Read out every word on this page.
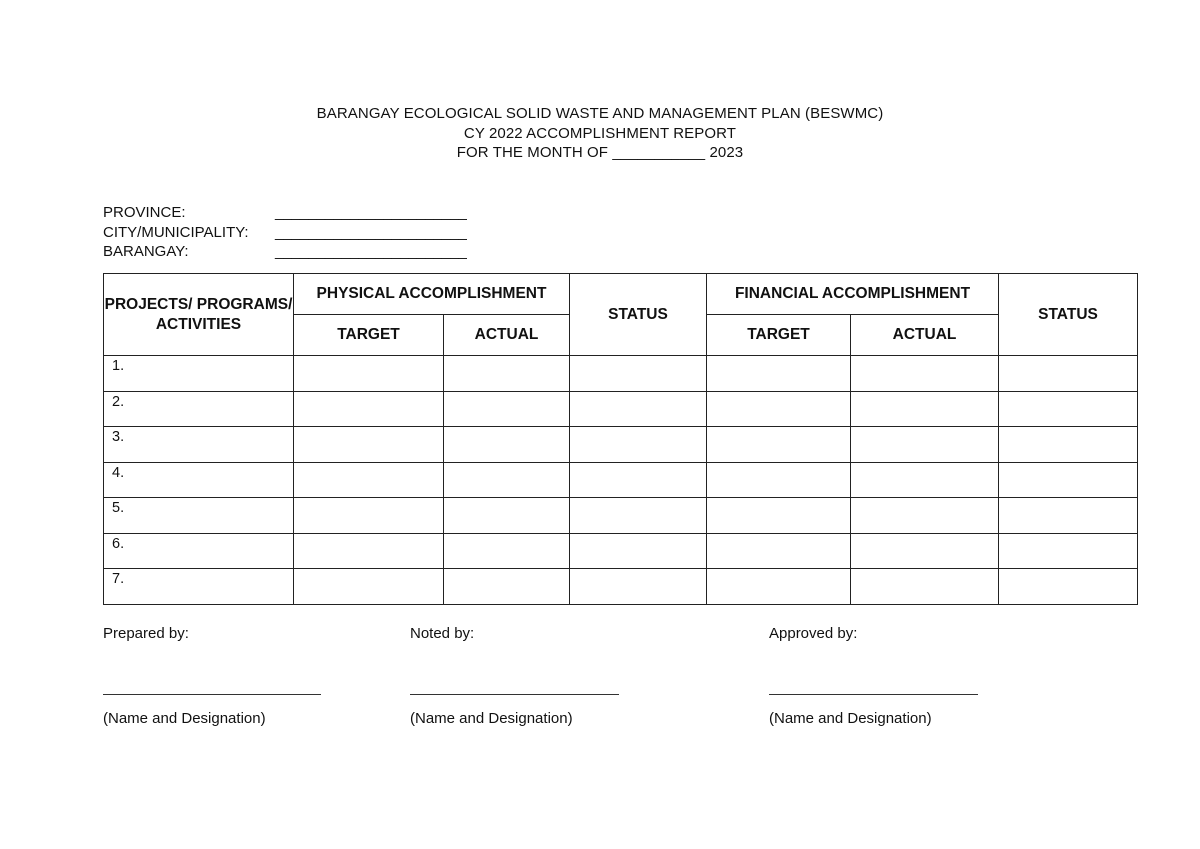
BARANGAY ECOLOGICAL SOLID WASTE AND MANAGEMENT PLAN (BESWMC)
CY 2022 ACCOMPLISHMENT REPORT
FOR THE MONTH OF ___________ 2023
PROVINCE:	_______________________
CITY/MUNICIPALITY:	_______________________
BARANGAY:	_______________________
PROJECTS/ PROGRAMS/ ACTIVITIES	PHYSICAL ACCOMPLISHMENT		STATUS	FINANCIAL ACCOMPLISHMENT		STATUS
	TARGET	ACTUAL		TARGET	ACTUAL	
1.						
2.						
3.						
4.						
5.						
6.						
7.						
Prepared by:
(Name and Designation)
Noted by:
(Name and Designation)
Approved by:
(Name and Designation)
